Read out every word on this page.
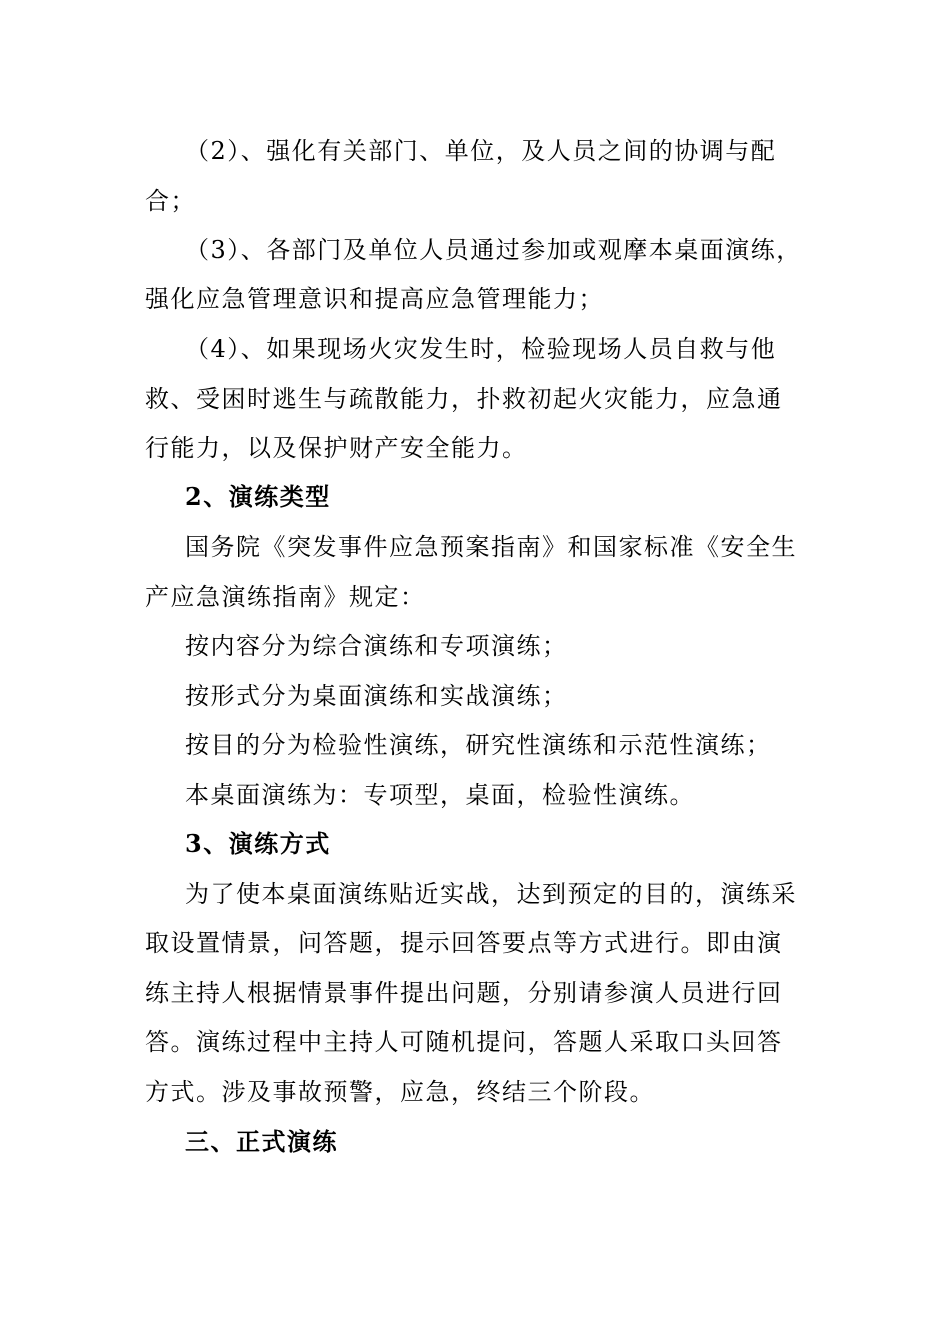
（2）、强化有关部门、单位，及人员之间的协调与配
合；
（3）、各部门及单位人员通过参加或观摩本桌面演练，
强化应急管理意识和提高应急管理能力；
（4）、如果现场火灾发生时，检验现场人员自救与他
救、受困时逃生与疏散能力，扑救初起火灾能力，应急通
行能力，以及保护财产安全能力。
2、演练类型
国务院《突发事件应急预案指南》和国家标准《安全生
产应急演练指南》规定：
按内容分为综合演练和专项演练；
按形式分为桌面演练和实战演练；
按目的分为检验性演练，研究性演练和示范性演练；
本桌面演练为：专项型，桌面，检验性演练。
3、演练方式
为了使本桌面演练贴近实战，达到预定的目的，演练采
取设置情景，问答题，提示回答要点等方式进行。即由演
练主持人根据情景事件提出问题，分别请参演人员进行回
答。演练过程中主持人可随机提问，答题人采取口头回答
方式。涉及事故预警，应急，终结三个阶段。
三、正式演练
